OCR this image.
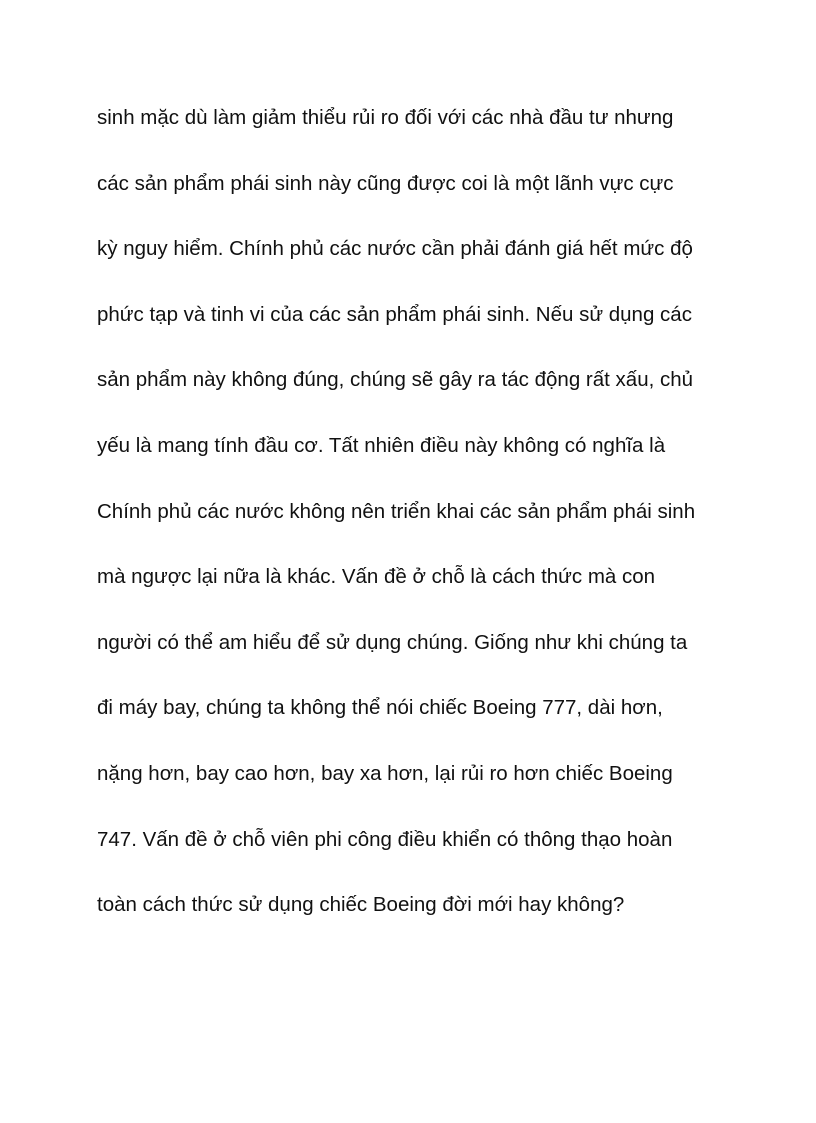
sinh mặc dù làm giảm thiểu rủi ro đối với các nhà đầu tư nhưng
các sản phẩm phái sinh này cũng được coi là một lãnh vực cực
kỳ nguy hiểm. Chính phủ các nước cần phải đánh giá hết mức độ
phức tạp và tinh vi của các sản phẩm phái sinh. Nếu sử dụng các
sản phẩm này không đúng, chúng sẽ gây ra tác động rất xấu, chủ
yếu là mang tính đầu cơ. Tất nhiên điều này không có nghĩa là
Chính phủ các nước không nên triển khai các sản phẩm phái sinh
mà ngược lại nữa là khác. Vấn đề ở chỗ là cách thức mà con
người có thể am hiểu để sử dụng chúng. Giống như khi chúng ta
đi máy bay, chúng ta không thể nói chiếc Boeing 777, dài hơn,
nặng hơn, bay cao hơn, bay xa hơn, lại rủi ro hơn chiếc Boeing
747. Vấn đề ở chỗ viên phi công điều khiển có thông thạo hoàn
toàn cách thức sử dụng chiếc Boeing đời mới hay không?
